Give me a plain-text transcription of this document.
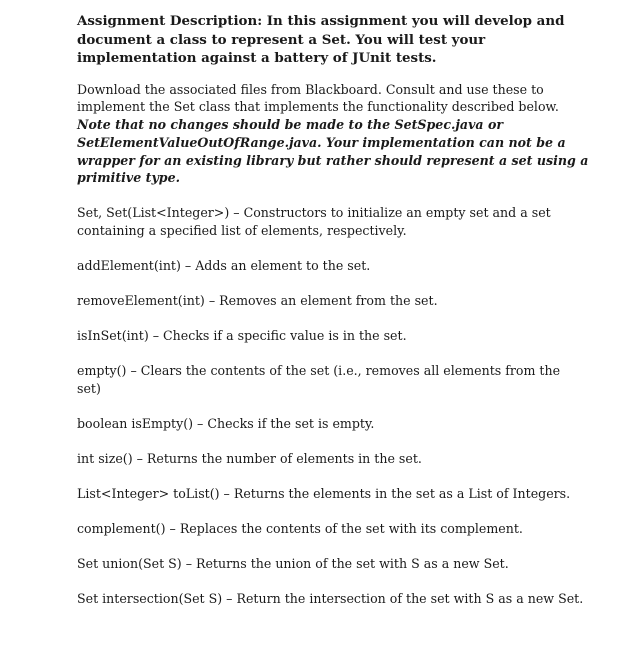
Assignment Description: In this assignment you will develop and document a class to represent a Set. You will test your implementation against a battery of JUnit tests.

Download the associated files from Blackboard. Consult and use these to implement the Set class that implements the functionality described below. Note that no changes should be made to the SetSpec.java or SetElementValueOutOfRange.java. Your implementation can not be a wrapper for an existing library but rather should represent a set using a primitive type.

Set, Set(List<Integer>) – Constructors to initialize an empty set and a set containing a specified list of elements, respectively.
addElement(int) – Adds an element to the set.
removeElement(int) – Removes an element from the set.
isInSet(int) – Checks if a specific value is in the set.
empty() – Clears the contents of the set (i.e., removes all elements from the set)
boolean isEmpty() – Checks if the set is empty.
int size() – Returns the number of elements in the set.
List<Integer> toList() – Returns the elements in the set as a List of Integers.
complement() – Replaces the contents of the set with its complement.
Set union(Set S) – Returns the union of the set with S as a new Set.
Set intersection(Set S) – Return the intersection of the set with S as a new Set.
